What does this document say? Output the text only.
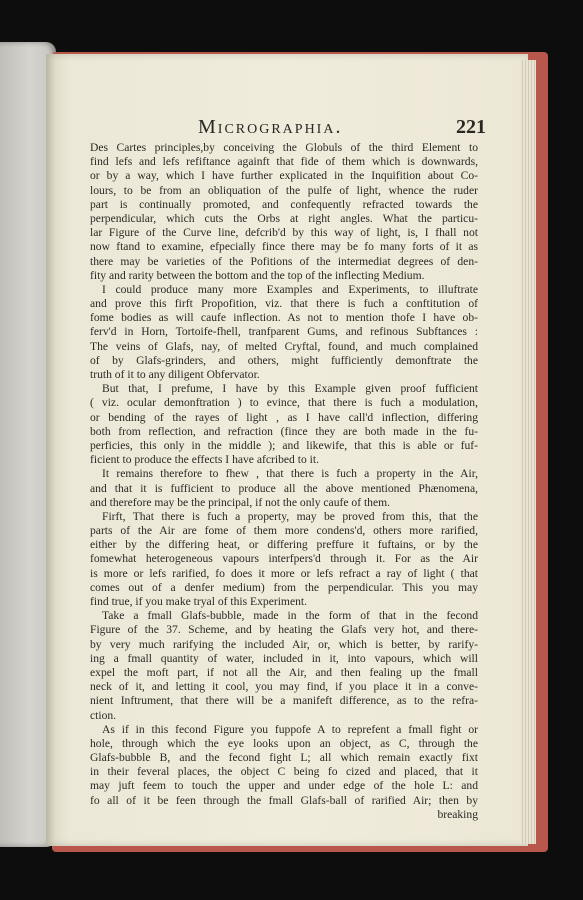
Micrographia.	221
Des Cartes principles,by conceiving the Globuls of the third Element to
find lefs and lefs refiftance againft that fide of them which is downwards,
or by a way, which I have further explicated in the Inquifition about Co-
lours, to be from an obliquation of the pulfe of light, whence the ruder
part is continually promoted, and confequently refracted towards the
perpendicular, which cuts the Orbs at right angles. What the particu-
lar Figure of the Curve line, defcrib'd by this way of light, is, I fhall not
now ftand to examine, efpecially fince there may be fo many forts of it as
there may be varieties of the Pofitions of the intermediat degrees of den-
fity and rarity between the bottom and the top of the inflecting Medium.
I could produce many more Examples and Experiments, to illuftrate
and prove this firft Propofition, viz. that there is fuch a conftitution of
fome bodies as will caufe inflection. As not to mention thofe I have ob-
ferv'd in Horn, Tortoife-fhell, tranfparent Gums, and refinous Subftances :
The veins of Glafs, nay, of melted Cryftal, found, and much complained
of by Glafs-grinders, and others, might fufficiently demonftrate the
truth of it to any diligent Obfervator.
But that, I prefume, I have by this Example given proof fufficient
( viz. ocular demonftration ) to evince, that there is fuch a modulation,
or bending of the rayes of light , as I have call'd inflection, differing
both from reflection, and refraction (fince they are both made in the fu-
perficies, this only in the middle ); and likewife, that this is able or fuf-
ficient to produce the effects I have afcribed to it.
It remains therefore to fhew , that there is fuch a property in the Air,
and that it is fufficient to produce all the above mentioned Phænomena,
and therefore may be the principal, if not the only caufe of them.
Firft, That there is fuch a property, may be proved from this, that the
parts of the Air are fome of them more condens'd, others more rarified,
either by the differing heat, or differing preffure it fuftains, or by the
fomewhat heterogeneous vapours interfpers'd through it. For as the Air
is more or lefs rarified, fo does it more or lefs refract a ray of light ( that
comes out of a denfer medium) from the perpendicular. This you may
find true, if you make tryal of this Experiment.
Take a fmall Glafs-bubble, made in the form of that in the fecond
Figure of the 37. Scheme, and by heating the Glafs very hot, and there-
by very much rarifying the included Air, or, which is better, by rarify-
ing a fmall quantity of water, included in it, into vapours, which will
expel the moft part, if not all the Air, and then fealing up the fmall
neck of it, and letting it cool, you may find, if you place it in a conve-
nient Inftrument, that there will be a manifeft difference, as to the refra-
ction.
As if in this fecond Figure you fuppofe A to reprefent a fmall fight or
hole, through which the eye looks upon an object, as C, through the
Glafs-bubble B, and the fecond fight L; all which remain exactly fixt
in their feveral places, the object C being fo cized and placed, that it
may juft feem to touch the upper and under edge of the hole L: and
fo all of it be feen through the fmall Glafs-ball of rarified Air; then by
breaking
